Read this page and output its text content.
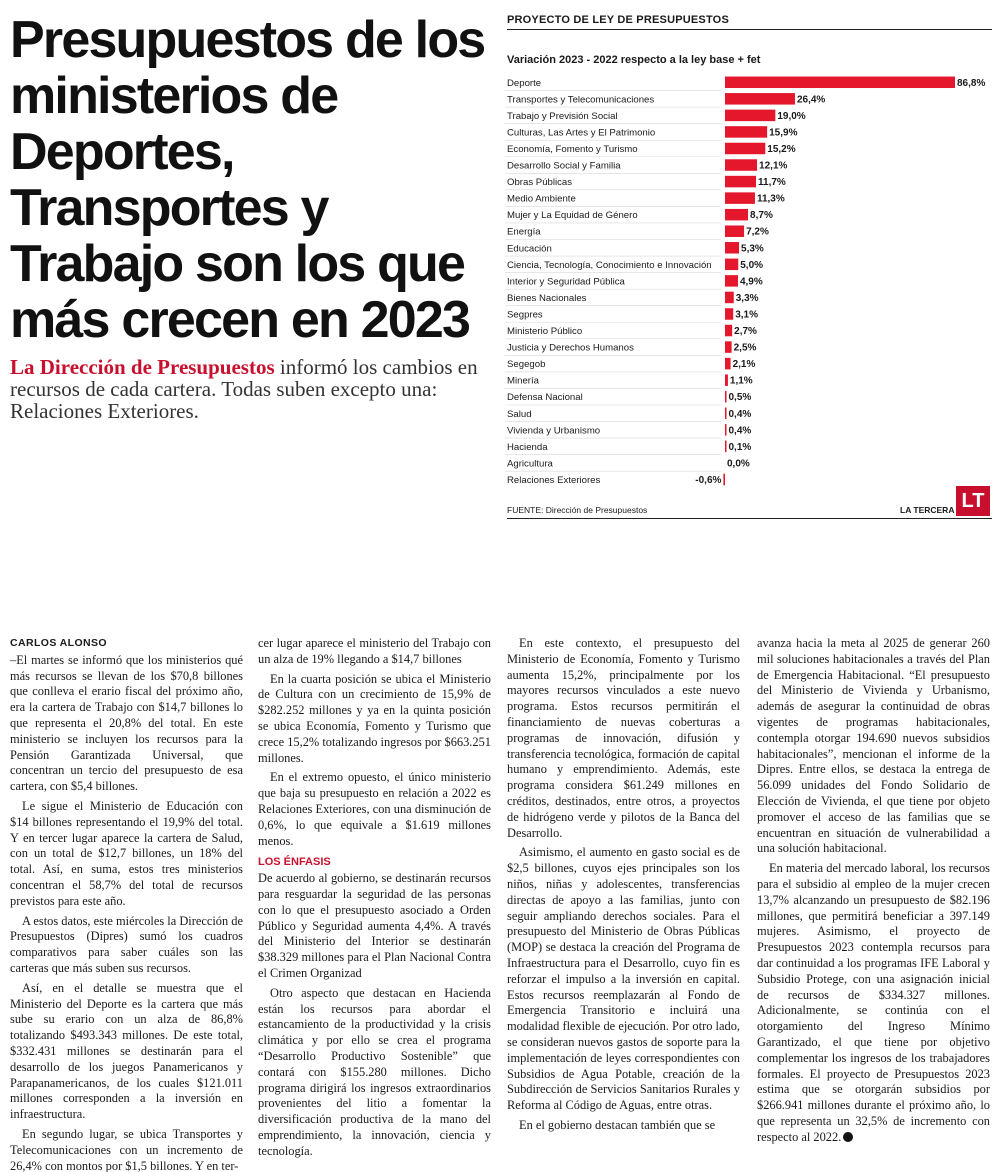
Presupuestos de los ministerios de Deportes, Transportes y Trabajo son los que más crecen en 2023

La Dirección de Presupuestos informó los cambios en recursos de cada cartera. Todas suben excepto una: Relaciones Exteriores.

PROYECTO DE LEY DE PRESUPUESTOS
Variación 2023 - 2022 respecto a la ley base + fet
Deporte	86,8%
Transportes y Telecomunicaciones	26,4%
Trabajo y Previsión Social	19,0%
Culturas, Las Artes y El Patrimonio	15,9%
Economía, Fomento y Turismo	15,2%
Desarrollo Social y Familia	12,1%
Obras Públicas	11,7%
Medio Ambiente	11,3%
Mujer y La Equidad de Género	8,7%
Energía	7,2%
Educación	5,3%
Ciencia, Tecnología, Conocimiento e Innovación	5,0%
Interior y Seguridad Pública	4,9%
Bienes Nacionales	3,3%
Segpres	3,1%
Ministerio Público	2,7%
Justicia y Derechos Humanos	2,5%
Segegob	2,1%
Minería	1,1%
Defensa Nacional	0,5%
Salud	0,4%
Vivienda y Urbanismo	0,4%
Hacienda	0,1%
Agricultura	0,0%
Relaciones Exteriores	-0,6%
FUENTE: Dirección de Presupuestos	LA TERCERA LT
CARLOS ALONSO

–El martes se informó que los ministerios qué más recursos se llevan de los $70,8 billones que conlleva el erario fiscal del próximo año, era la cartera de Trabajo con $14,7 billones lo que representa el 20,8% del total. En este ministerio se incluyen los recursos para la Pensión Garantizada Universal, que concentran un tercio del presupuesto de esa cartera, con $5,4 billones.

Le sigue el Ministerio de Educación con $14 billones representando el 19,9% del total. Y en tercer lugar aparece la cartera de Salud, con un total de $12,7 billones, un 18% del total. Así, en suma, estos tres ministerios concentran el 58,7% del total de recursos previstos para este año.

A estos datos, este miércoles la Dirección de Presupuestos (Dipres) sumó los cuadros comparativos para saber cuáles son las carteras que más suben sus recursos.

Así, en el detalle se muestra que el Ministerio del Deporte es la cartera que más sube su erario con un alza de 86,8% totalizando $493.343 millones. De este total, $332.431 millones se destinarán para el desarrollo de los juegos Panamericanos y Parapanamericanos, de los cuales $121.011 millones corresponden a la inversión en infraestructura.

En segundo lugar, se ubica Transportes y Telecomunicaciones con un incremento de 26,4% con montos por $1,5 billones. Y en ter-

cer lugar aparece el ministerio del Trabajo con un alza de 19% llegando a $14,7 billones

En la cuarta posición se ubica el Ministerio de Cultura con un crecimiento de 15,9% de $282.252 millones y ya en la quinta posición se ubica Economía, Fomento y Turismo que crece 15,2% totalizando ingresos por $663.251 millones.

En el extremo opuesto, el único ministerio que baja su presupuesto en relación a 2022 es Relaciones Exteriores, con una disminución de 0,6%, lo que equivale a $1.619 millones menos.

LOS ÉNFASIS

De acuerdo al gobierno, se destinarán recursos para resguardar la seguridad de las personas con lo que el presupuesto asociado a Orden Público y Seguridad aumenta 4,4%. A través del Ministerio del Interior se destinarán $38.329 millones para el Plan Nacional Contra el Crimen Organizad

Otro aspecto que destacan en Hacienda están los recursos para abordar el estancamiento de la productividad y la crisis climática y por ello se crea el programa “Desarrollo Productivo Sostenible” que contará con $155.280 millones. Dicho programa dirigirá los ingresos extraordinarios provenientes del litio a fomentar la diversificación productiva de la mano del emprendimiento, la innovación, ciencia y tecnología.

En este contexto, el presupuesto del Ministerio de Economía, Fomento y Turismo aumenta 15,2%, principalmente por los mayores recursos vinculados a este nuevo programa. Estos recursos permitirán el financiamiento de nuevas coberturas a programas de innovación, difusión y transferencia tecnológica, formación de capital humano y emprendimiento. Además, este programa considera $61.249 millones en créditos, destinados, entre otros, a proyectos de hidrógeno verde y pilotos de la Banca del Desarrollo.

Asimismo, el aumento en gasto social es de $2,5 billones, cuyos ejes principales son los niños, niñas y adolescentes, transferencias directas de apoyo a las familias, junto con seguir ampliando derechos sociales. Para el presupuesto del Ministerio de Obras Públicas (MOP) se destaca la creación del Programa de Infraestructura para el Desarrollo, cuyo fin es reforzar el impulso a la inversión en capital. Estos recursos reemplazarán al Fondo de Emergencia Transitorio e incluirá una modalidad flexible de ejecución. Por otro lado, se consideran nuevos gastos de soporte para la implementación de leyes correspondientes con Subsidios de Agua Potable, creación de la Subdirección de Servicios Sanitarios Rurales y Reforma al Código de Aguas, entre otras.

En el gobierno destacan también que se

avanza hacia la meta al 2025 de generar 260 mil soluciones habitacionales a través del Plan de Emergencia Habitacional. “El presupuesto del Ministerio de Vivienda y Urbanismo, además de asegurar la continuidad de obras vigentes de programas habitacionales, contempla otorgar 194.690 nuevos subsidios habitacionales”, mencionan el informe de la Dipres. Entre ellos, se destaca la entrega de 56.099 unidades del Fondo Solidario de Elección de Vivienda, el que tiene por objeto promover el acceso de las familias que se encuentran en situación de vulnerabilidad a una solución habitacional.

En materia del mercado laboral, los recursos para el subsidio al empleo de la mujer crecen 13,7% alcanzando un presupuesto de $82.196 millones, que permitirá beneficiar a 397.149 mujeres. Asimismo, el proyecto de Presupuestos 2023 contempla recursos para dar continuidad a los programas IFE Laboral y Subsidio Protege, con una asignación inicial de recursos de $334.327 millones. Adicionalmente, se continúa con el otorgamiento del Ingreso Mínimo Garantizado, el que tiene por objetivo complementar los ingresos de los trabajadores formales. El proyecto de Presupuestos 2023 estima que se otorgarán subsidios por $266.941 millones durante el próximo año, lo que representa un 32,5% de incremento con respecto al 2022.
